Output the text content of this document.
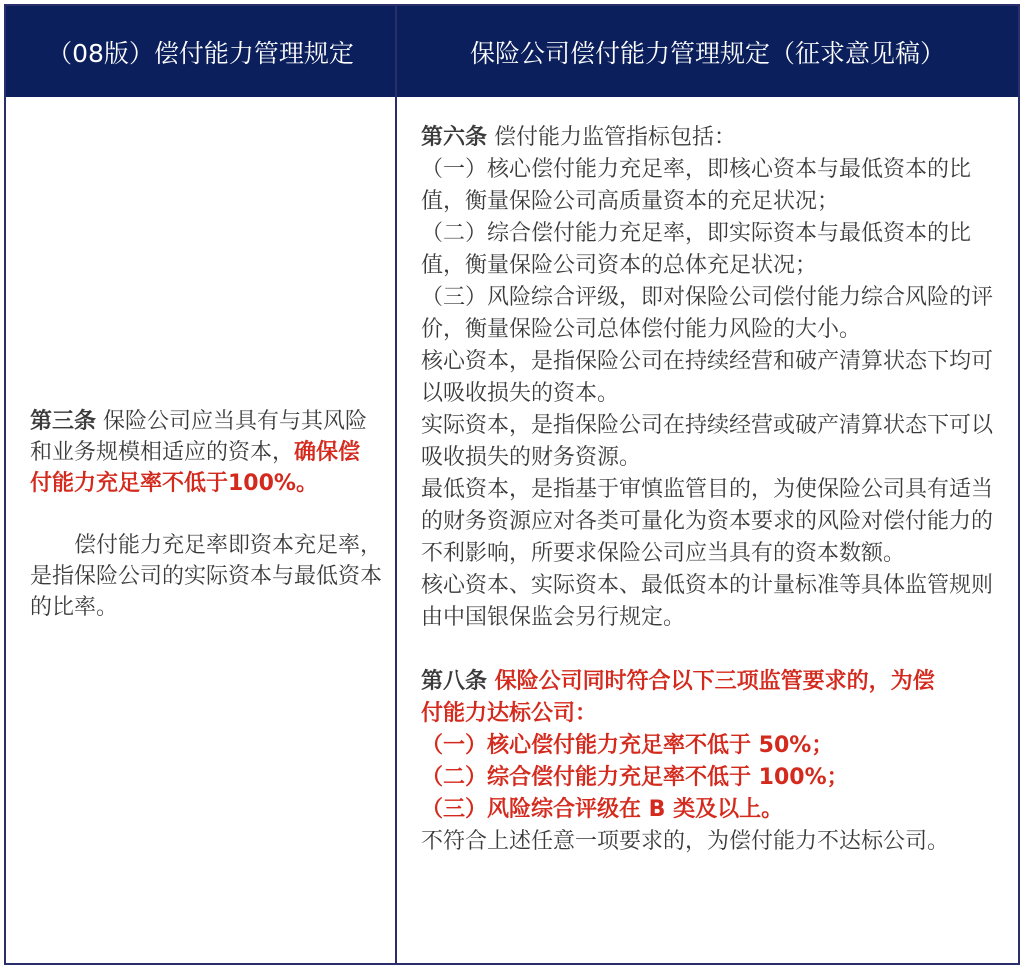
（08版）偿付能力管理规定	保险公司偿付能力管理规定（征求意见稿）

第三条 保险公司应当具有与其风险和业务规模相适应的资本，确保偿付能力充足率不低于100%。

偿付能力充足率即资本充足率，是指保险公司的实际资本与最低资本的比率。

第六条 偿付能力监管指标包括：

（一）核心偿付能力充足率，即核心资本与最低资本的比值，衡量保险公司高质量资本的充足状况；

（二）综合偿付能力充足率，即实际资本与最低资本的比值，衡量保险公司资本的总体充足状况；

（三）风险综合评级，即对保险公司偿付能力综合风险的评价，衡量保险公司总体偿付能力风险的大小。

核心资本，是指保险公司在持续经营和破产清算状态下均可以吸收损失的资本。

实际资本，是指保险公司在持续经营或破产清算状态下可以吸收损失的财务资源。

最低资本，是指基于审慎监管目的，为使保险公司具有适当的财务资源应对各类可量化为资本要求的风险对偿付能力的不利影响，所要求保险公司应当具有的资本数额。

核心资本、实际资本、最低资本的计量标准等具体监管规则由中国银保监会另行规定。

第八条 保险公司同时符合以下三项监管要求的，为偿付能力达标公司：

（一）核心偿付能力充足率不低于 50%；

（二）综合偿付能力充足率不低于 100%；

（三）风险综合评级在 B 类及以上。

不符合上述任意一项要求的，为偿付能力不达标公司。
